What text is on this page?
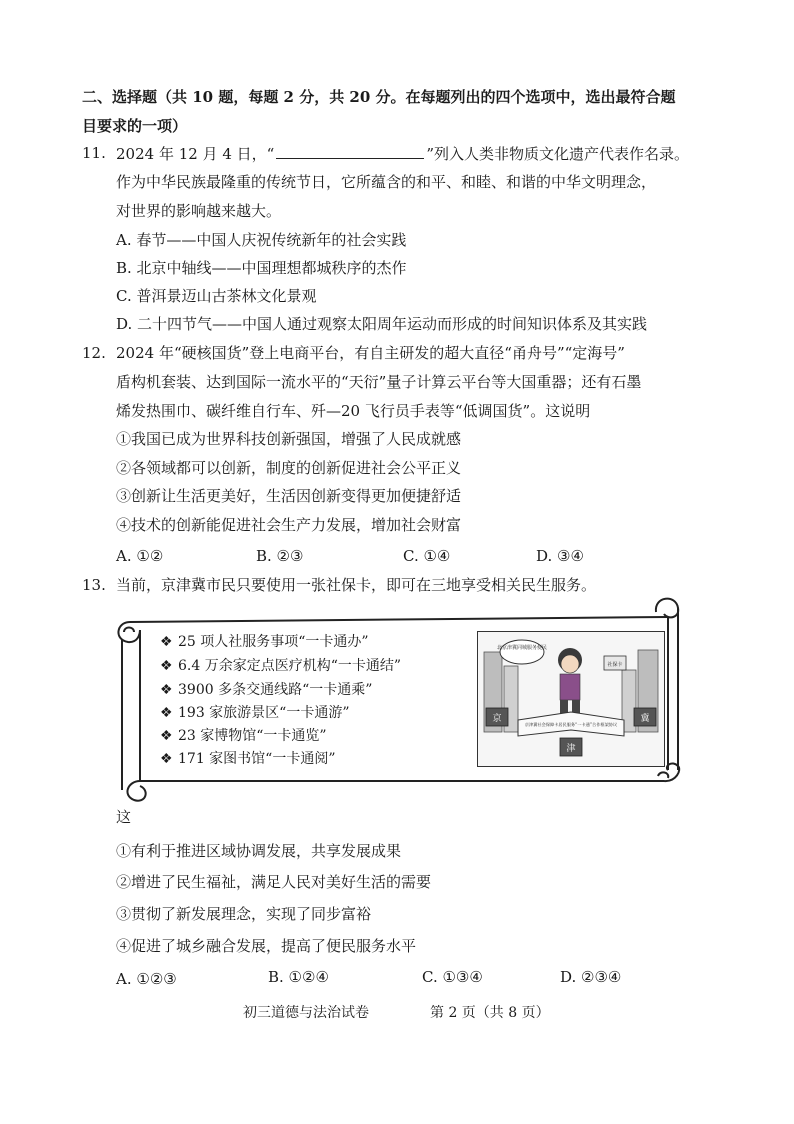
二、选择题（共 10 题，每题 2 分，共 20 分。在每题列出的四个选项中，选出最符合题
目要求的一项）
11. 2024 年 12 月 4 日，“	”列入人类非物质文化遗产代表作名录。
作为中华民族最隆重的传统节日，它所蕴含的和平、和睦、和谐的中华文明理念，
对世界的影响越来越大。
A. 春节——中国人庆祝传统新年的社会实践
B. 北京中轴线——中国理想都城秩序的杰作
C. 普洱景迈山古茶林文化景观
D. 二十四节气——中国人通过观察太阳周年运动而形成的时间知识体系及其实践
12. 2024 年“硬核国货”登上电商平台，有自主研发的超大直径“甬舟号”“定海号”
盾构机套装、达到国际一流水平的“天衍”量子计算云平台等大国重器；还有石墨
烯发热围巾、碳纤维自行车、歼—20 飞行员手表等“低调国货”。这说明
①我国已成为世界科技创新强国，增强了人民成就感
②各领域都可以创新，制度的创新促进社会公平正义
③创新让生活更美好，生活因创新变得更加便捷舒适
④技术的创新能促进社会生产力发展，增加社会财富
A. ①②	B. ②③	C. ①④	D. ③④
13. 当前，京津冀市民只要使用一张社保卡，即可在三地享受相关民生服务。
❖ 25 项人社服务事项“一卡通办”
❖ 6.4 万余家定点医疗机构“一卡通结”
❖ 3900 多条交通线路“一卡通乘”
❖ 193 家旅游景区“一卡通游”
❖ 23 家博物馆“一卡通览”
❖ 171 家图书馆“一卡通阅”
北京津冀同城服务便民
社保卡
京津冀社会保障卡居民服务“一卡通”合作框架协议
京	冀
津
这
①有利于推进区域协调发展，共享发展成果
②增进了民生福祉，满足人民对美好生活的需要
③贯彻了新发展理念，实现了同步富裕
④促进了城乡融合发展，提高了便民服务水平
A. ①②③	B. ①②④	C. ①③④	D. ②③④
初三道德与法治试卷	第 2 页（共 8 页）
